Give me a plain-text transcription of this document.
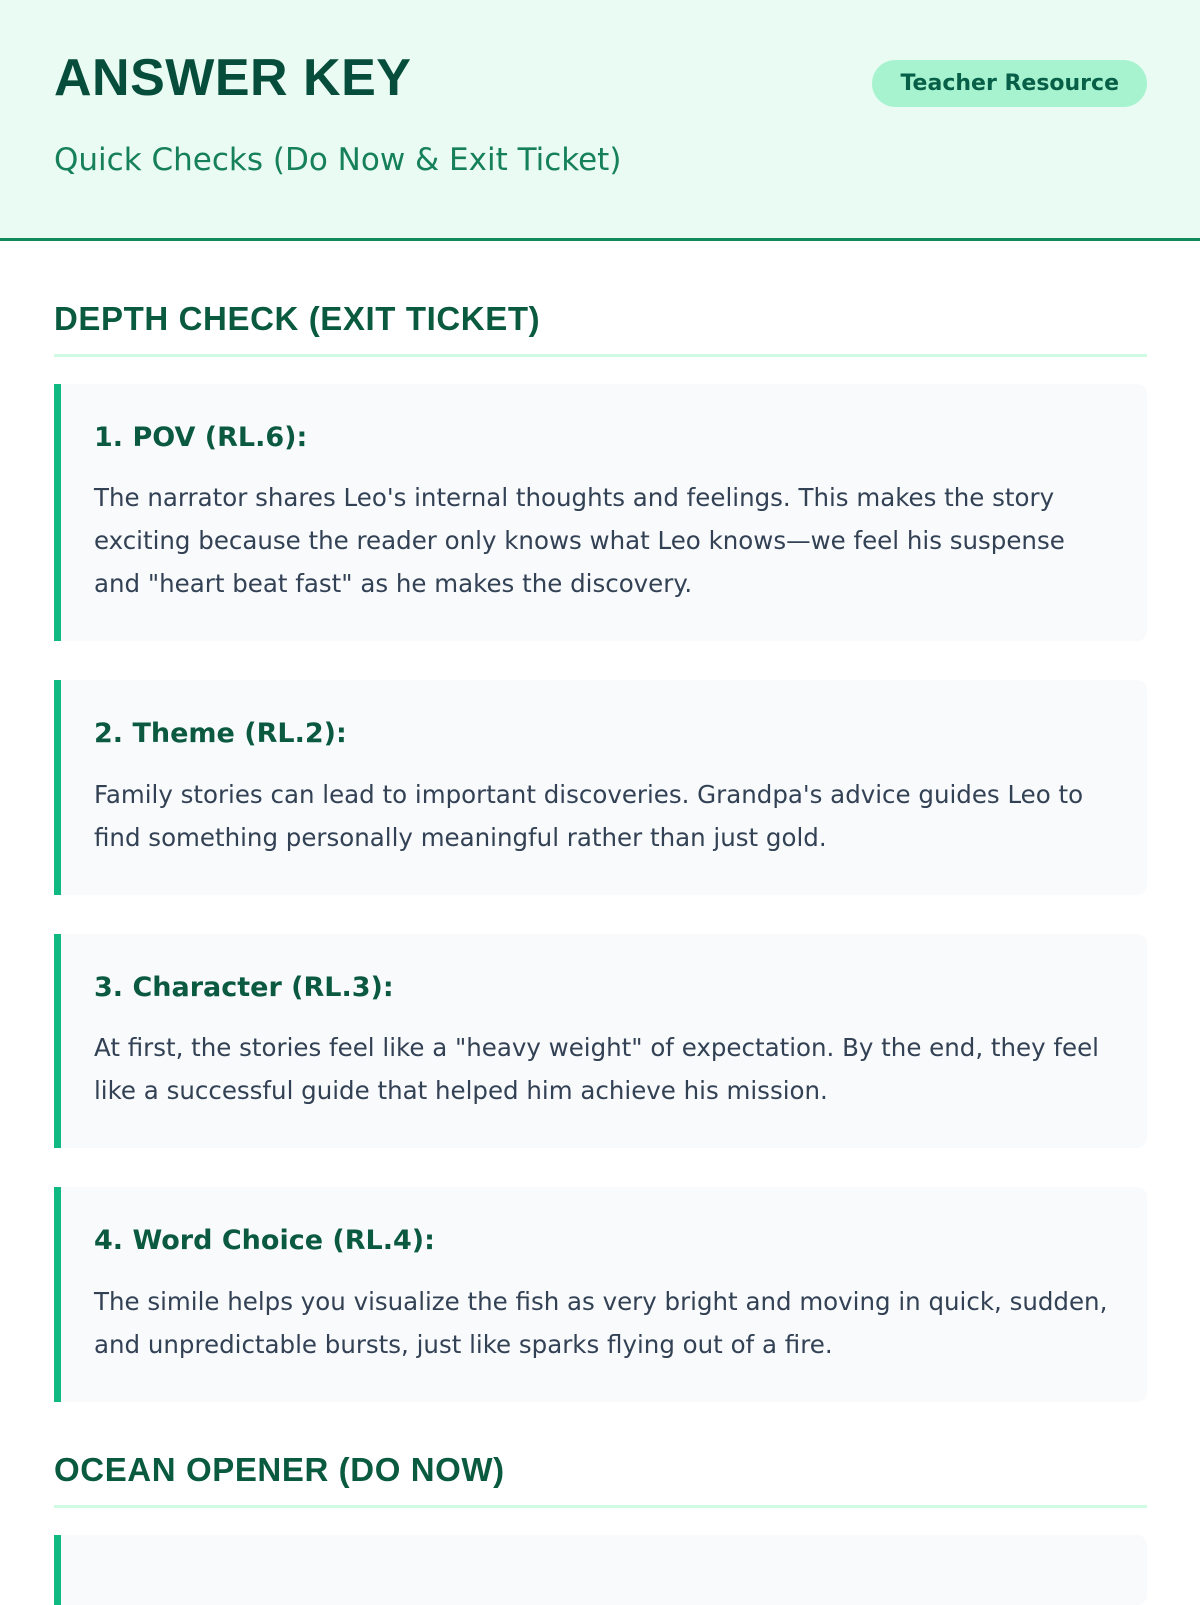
ANSWER KEY
Quick Checks (Do Now & Exit Ticket)
Teacher Resource
DEPTH CHECK (EXIT TICKET)
1. POV (RL.6):

The narrator shares Leo's internal thoughts and feelings. This makes the story exciting because the reader only knows what Leo knows—we feel his suspense and "heart beat fast" as he makes the discovery.

2. Theme (RL.2):

Family stories can lead to important discoveries. Grandpa's advice guides Leo to find something personally meaningful rather than just gold.

3. Character (RL.3):

At first, the stories feel like a "heavy weight" of expectation. By the end, they feel like a successful guide that helped him achieve his mission.

4. Word Choice (RL.4):

The simile helps you visualize the fish as very bright and moving in quick, sudden, and unpredictable bursts, just like sparks flying out of a fire.

OCEAN OPENER (DO NOW)
